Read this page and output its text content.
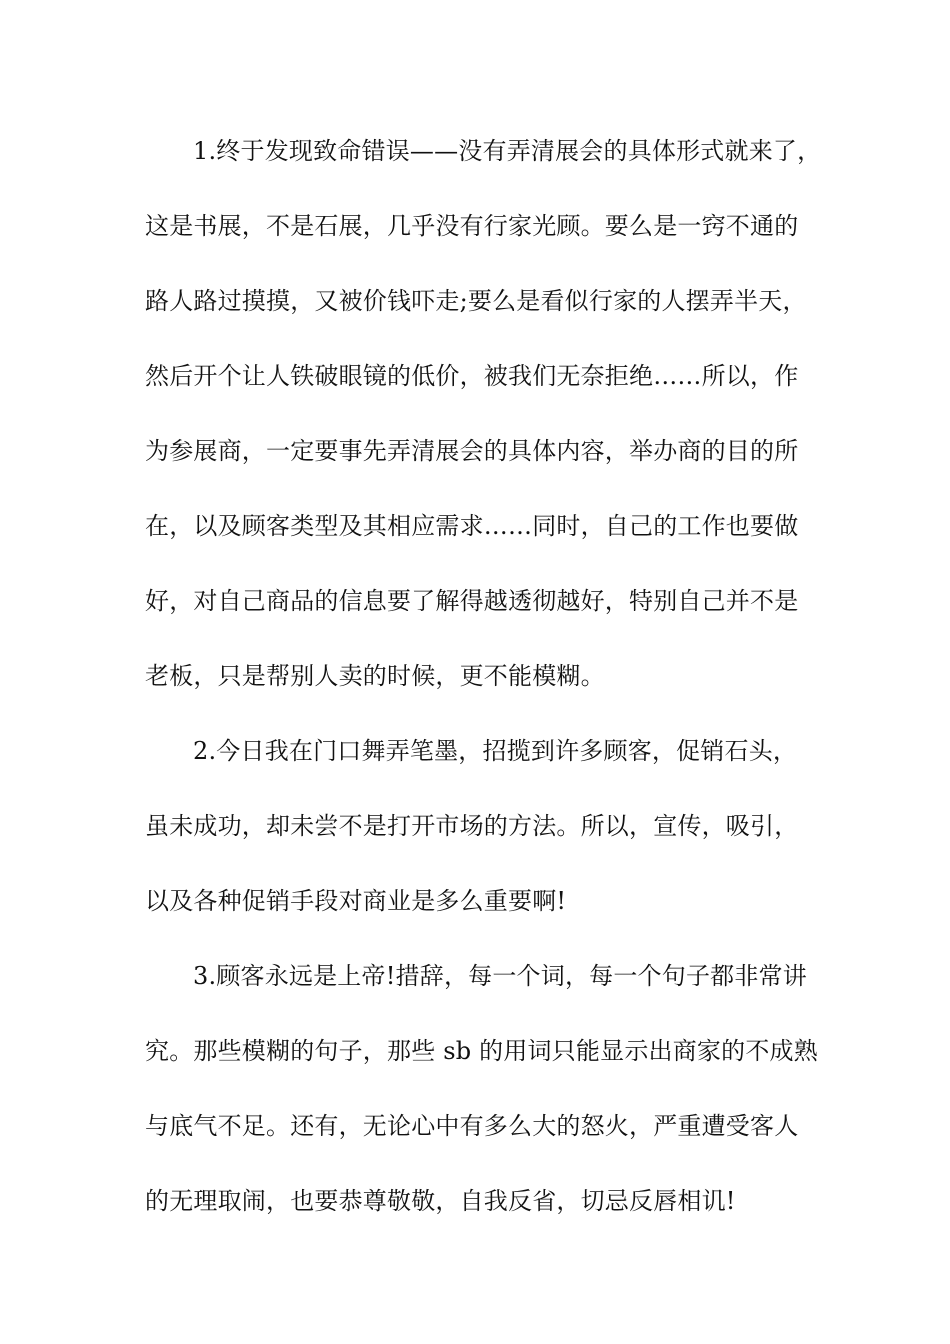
1.终于发现致命错误——没有弄清展会的具体形式就来了，
这是书展，不是石展，几乎没有行家光顾。要么是一窍不通的
路人路过摸摸，又被价钱吓走;要么是看似行家的人摆弄半天，
然后开个让人铁破眼镜的低价，被我们无奈拒绝……所以，作
为参展商，一定要事先弄清展会的具体内容，举办商的目的所
在，以及顾客类型及其相应需求……同时，自己的工作也要做
好，对自己商品的信息要了解得越透彻越好，特别自己并不是
老板，只是帮别人卖的时候，更不能模糊。
2.今日我在门口舞弄笔墨，招揽到许多顾客，促销石头，
虽未成功，却未尝不是打开市场的方法。所以，宣传，吸引，
以及各种促销手段对商业是多么重要啊!
3.顾客永远是上帝!措辞，每一个词，每一个句子都非常讲
究。那些模糊的句子，那些 sb 的用词只能显示出商家的不成熟
与底气不足。还有，无论心中有多么大的怒火，严重遭受客人
的无理取闹，也要恭尊敬敬，自我反省，切忌反唇相讥!
